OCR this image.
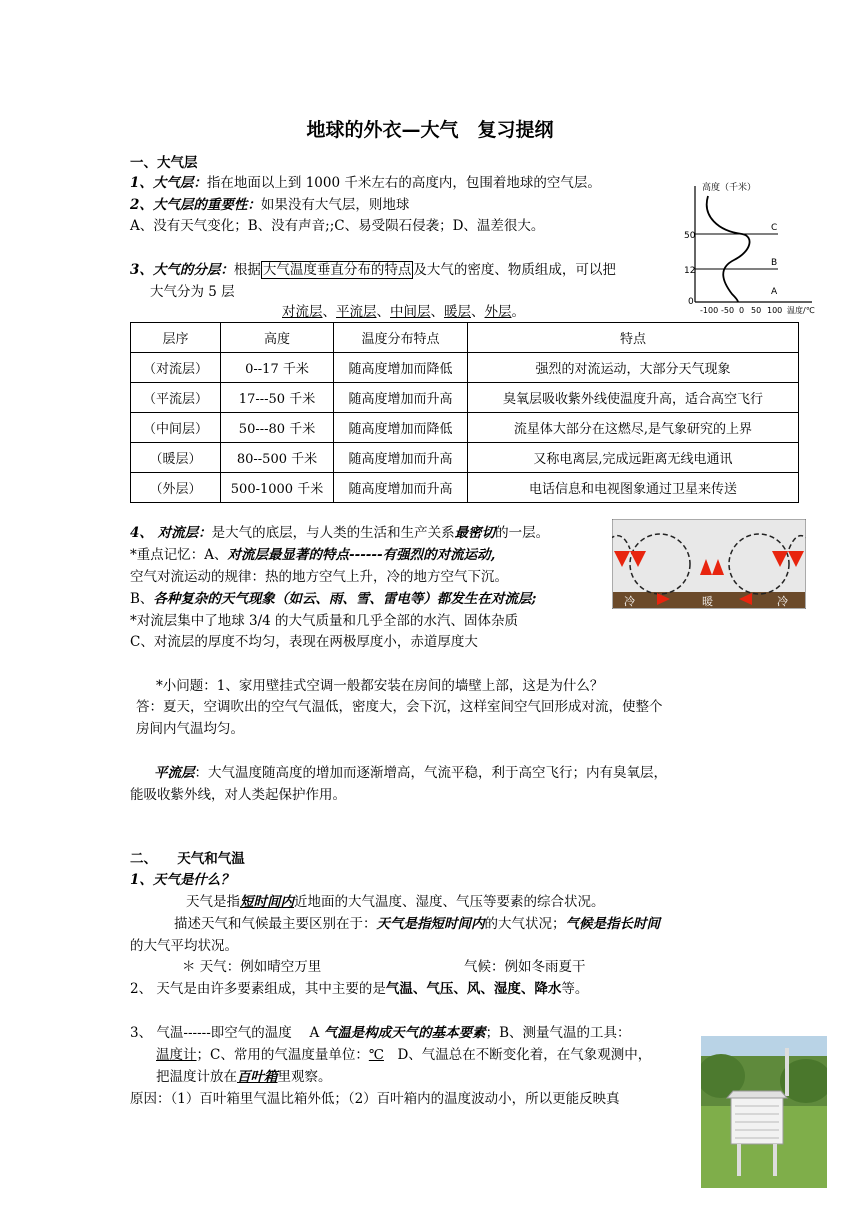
地球的外衣—大气　复习提纲
一、大气层
1、大气层：指在地面以上到 1000 千米左右的高度内，包围着地球的空气层。
2、大气层的重要性：如果没有大气层，则地球
A、没有天气变化；B、没有声音;;C、易受陨石侵袭；D、温差很大。
3、大气的分层：根据 大气温度垂直分布的特点 及大气的密度、物质组成，可以把
大气分为 5 层
对流层、平流层、中间层、暖层、外层。
高度（千米）
50
12
0
C
B
A
-100 -50 0 50 100 温度/℃
层序	高度	温度分布特点	特点
（对流层）	0--17 千米	随高度增加而降低	强烈的对流运动，大部分天气现象
（平流层）	17---50 千米	随高度增加而升高	臭氧层吸收紫外线使温度升高，适合高空飞行
（中间层）	50---80 千米	随高度增加而降低	流星体大部分在这燃尽,是气象研究的上界
（暖层）	80--500 千米	随高度增加而升高	又称电离层,完成远距离无线电通讯
（外层）	500-1000 千米	随高度增加而升高	电话信息和电视图象通过卫星来传送
冷	暖	冷
4、 对流层：是大气的底层，与人类的生活和生产关系最密切的一层。
*重点记忆：A、对流层最显著的特点------有强烈的对流运动,
空气对流运动的规律：热的地方空气上升，冷的地方空气下沉。
B、各种复杂的天气现象（如云、雨、雪、雷电等）都发生在对流层;
*对流层集中了地球 3/4 的大气质量和几乎全部的水汽、固体杂质
C、对流层的厚度不均匀，表现在两极厚度小，赤道厚度大
*小问题：1、家用壁挂式空调一般都安装在房间的墙壁上部，这是为什么？
答：夏天，空调吹出的空气气温低，密度大，会下沉，这样室间空气回形成对流，使整个
房间内气温均匀。
平流层：大气温度随高度的增加而逐渐增高，气流平稳，利于高空飞行；内有臭氧层，
能吸收紫外线，对人类起保护作用。
二、　　天气和气温
1、天气是什么？
天气是指短时间内近地面的大气温度、湿度、气压等要素的综合状况。
描述天气和气候最主要区别在于：天气是指短时间内的大气状况；气候是指长时间
的大气平均状况。
＊ 天气：例如晴空万里	气候：例如冬雨夏干
2、 天气是由许多要素组成，其中主要的是气温、气压、风、湿度、降水等。
3、 气温------即空气的温度　 A 气温是构成天气的基本要素；B、测量气温的工具：
温度计；C、常用的气温度量单位：℃　D、气温总在不断变化着，在气象观测中，
把温度计放在百叶箱里观察。
原因：（1）百叶箱里气温比箱外低；（2）百叶箱内的温度波动小，所以更能反映真
